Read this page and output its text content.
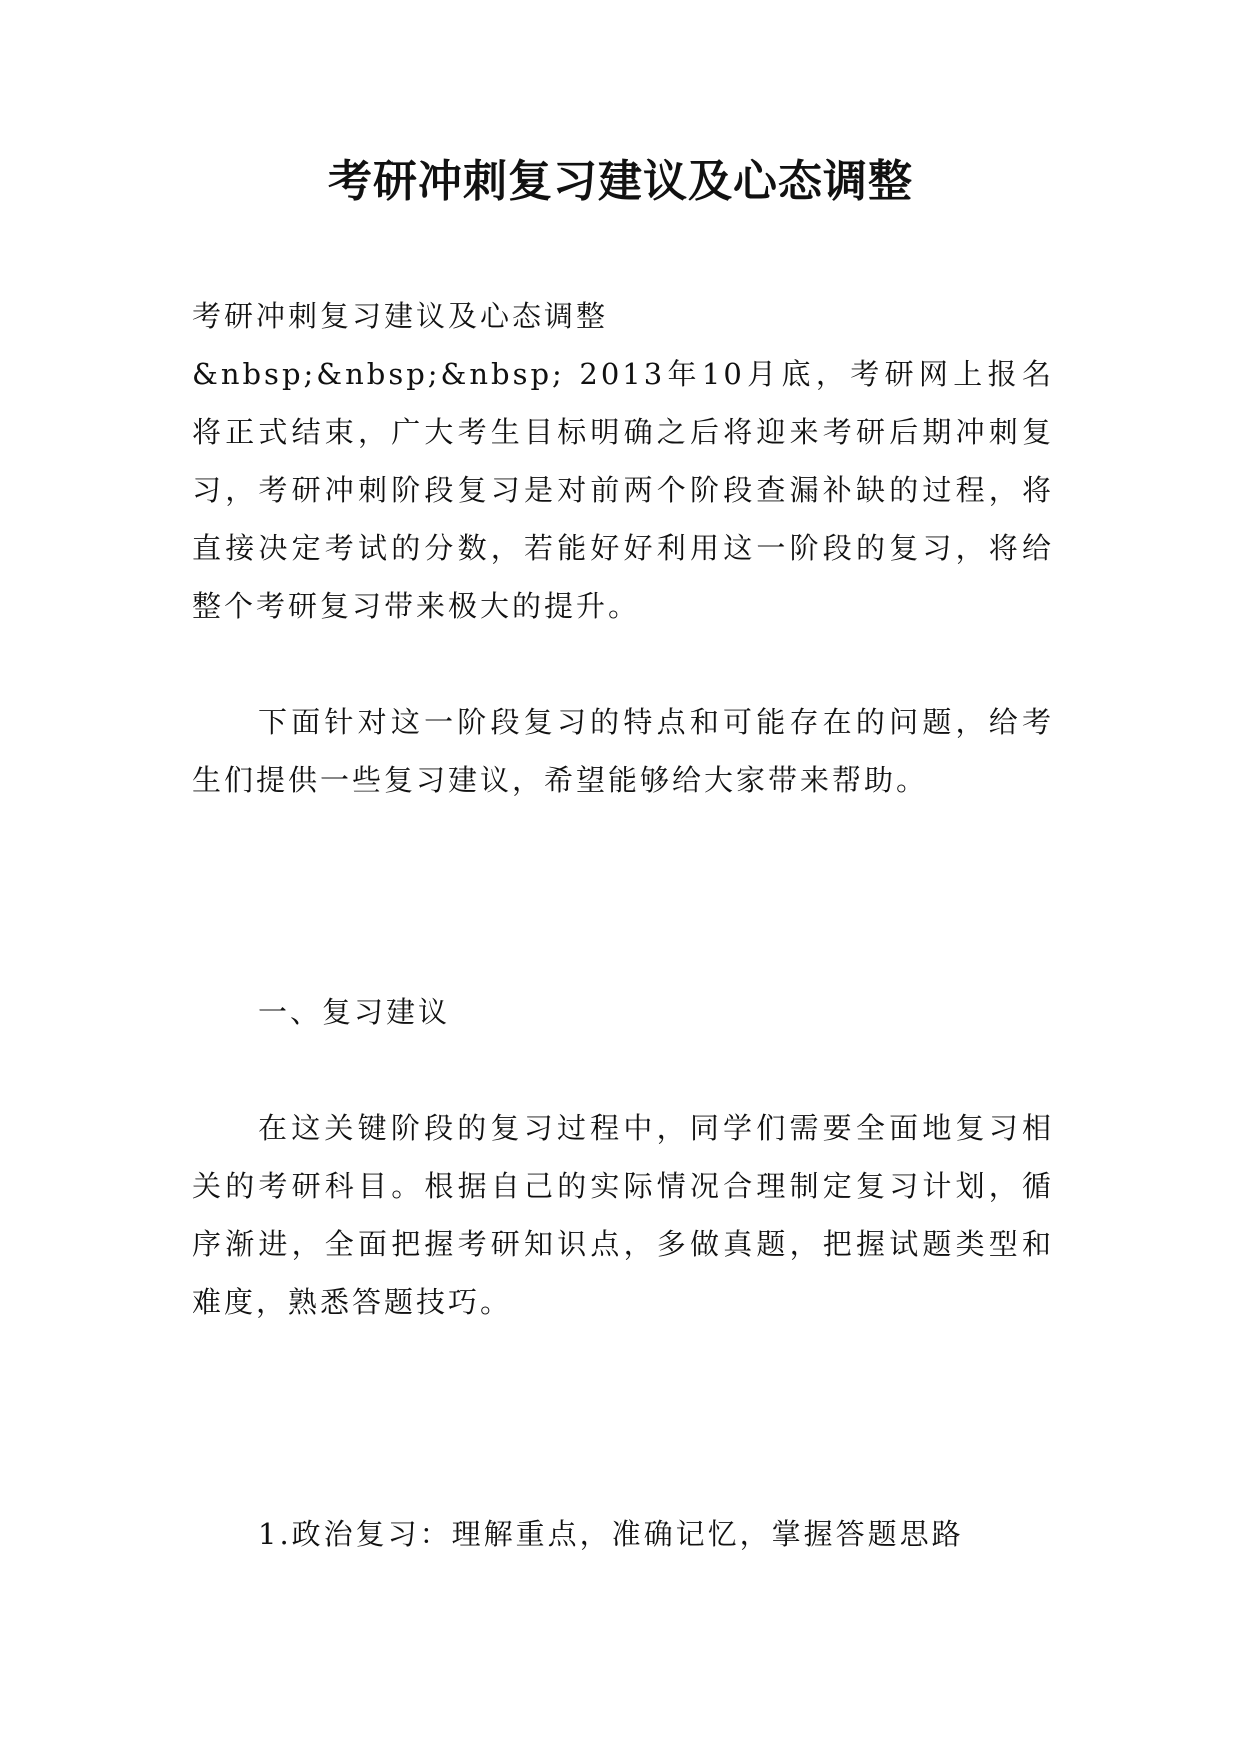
考研冲刺复习建议及心态调整

考研冲刺复习建议及心态调整

&nbsp;&nbsp;&nbsp; 2013年10月底，考研网上报名将正式结束，广大考生目标明确之后将迎来考研后期冲刺复习，考研冲刺阶段复习是对前两个阶段查漏补缺的过程，将直接决定考试的分数，若能好好利用这一阶段的复习，将给整个考研复习带来极大的提升。

下面针对这一阶段复习的特点和可能存在的问题，给考生们提供一些复习建议，希望能够给大家带来帮助。

一、复习建议

在这关键阶段的复习过程中，同学们需要全面地复习相关的考研科目。根据自己的实际情况合理制定复习计划，循序渐进，全面把握考研知识点，多做真题，把握试题类型和难度，熟悉答题技巧。

1.政治复习：理解重点，准确记忆，掌握答题思路
